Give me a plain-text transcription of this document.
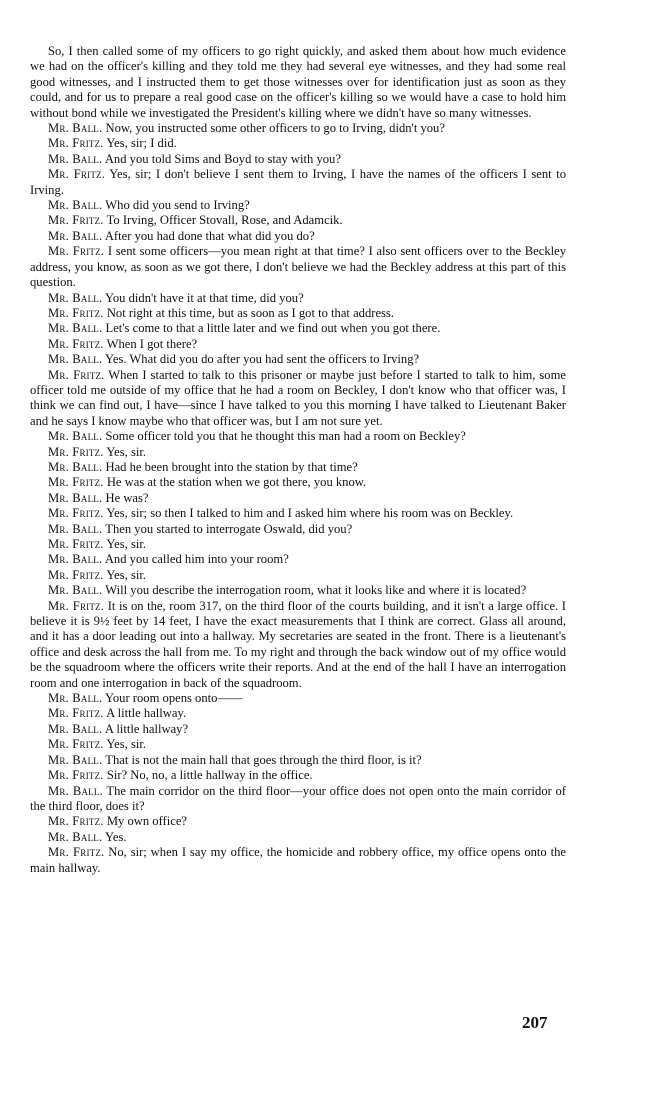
So, I then called some of my officers to go right quickly, and asked them about how much evidence we had on the officer's killing and they told me they had several eye witnesses, and they had some real good witnesses, and I instructed them to get those witnesses over for identification just as soon as they could, and for us to prepare a real good case on the officer's killing so we would have a case to hold him without bond while we investigated the President's killing where we didn't have so many witnesses.

Mr. Ball. Now, you instructed some other officers to go to Irving, didn't you?

Mr. Fritz. Yes, sir; I did.

Mr. Ball. And you told Sims and Boyd to stay with you?

Mr. Fritz. Yes, sir; I don't believe I sent them to Irving, I have the names of the officers I sent to Irving.

Mr. Ball. Who did you send to Irving?

Mr. Fritz. To Irving, Officer Stovall, Rose, and Adamcik.

Mr. Ball. After you had done that what did you do?

Mr. Fritz. I sent some officers—you mean right at that time? I also sent officers over to the Beckley address, you know, as soon as we got there, I don't believe we had the Beckley address at this part of this question.

Mr. Ball. You didn't have it at that time, did you?

Mr. Fritz. Not right at this time, but as soon as I got to that address.

Mr. Ball. Let's come to that a little later and we find out when you got there.

Mr. Fritz. When I got there?

Mr. Ball. Yes. What did you do after you had sent the officers to Irving?

Mr. Fritz. When I started to talk to this prisoner or maybe just before I started to talk to him, some officer told me outside of my office that he had a room on Beckley, I don't know who that officer was, I think we can find out, I have—since I have talked to you this morning I have talked to Lieutenant Baker and he says I know maybe who that officer was, but I am not sure yet.

Mr. Ball. Some officer told you that he thought this man had a room on Beckley?

Mr. Fritz. Yes, sir.

Mr. Ball. Had he been brought into the station by that time?

Mr. Fritz. He was at the station when we got there, you know.

Mr. Ball. He was?

Mr. Fritz. Yes, sir; so then I talked to him and I asked him where his room was on Beckley.

Mr. Ball. Then you started to interrogate Oswald, did you?

Mr. Fritz. Yes, sir.

Mr. Ball. And you called him into your room?

Mr. Fritz. Yes, sir.

Mr. Ball. Will you describe the interrogation room, what it looks like and where it is located?

Mr. Fritz. It is on the, room 317, on the third floor of the courts building, and it isn't a large office. I believe it is 9½ feet by 14 feet, I have the exact measurements that I think are correct. Glass all around, and it has a door leading out into a hallway. My secretaries are seated in the front. There is a lieutenant's office and desk across the hall from me. To my right and through the back window out of my office would be the squadroom where the officers write their reports. And at the end of the hall I have an interrogation room and one interrogation in back of the squadroom.

Mr. Ball. Your room opens onto——

Mr. Fritz. A little hallway.

Mr. Ball. A little hallway?

Mr. Fritz. Yes, sir.

Mr. Ball. That is not the main hall that goes through the third floor, is it?

Mr. Fritz. Sir? No, no, a little hallway in the office.

Mr. Ball. The main corridor on the third floor—your office does not open onto the main corridor of the third floor, does it?

Mr. Fritz. My own office?

Mr. Ball. Yes.

Mr. Fritz. No, sir; when I say my office, the homicide and robbery office, my office opens onto the main hallway.

207
